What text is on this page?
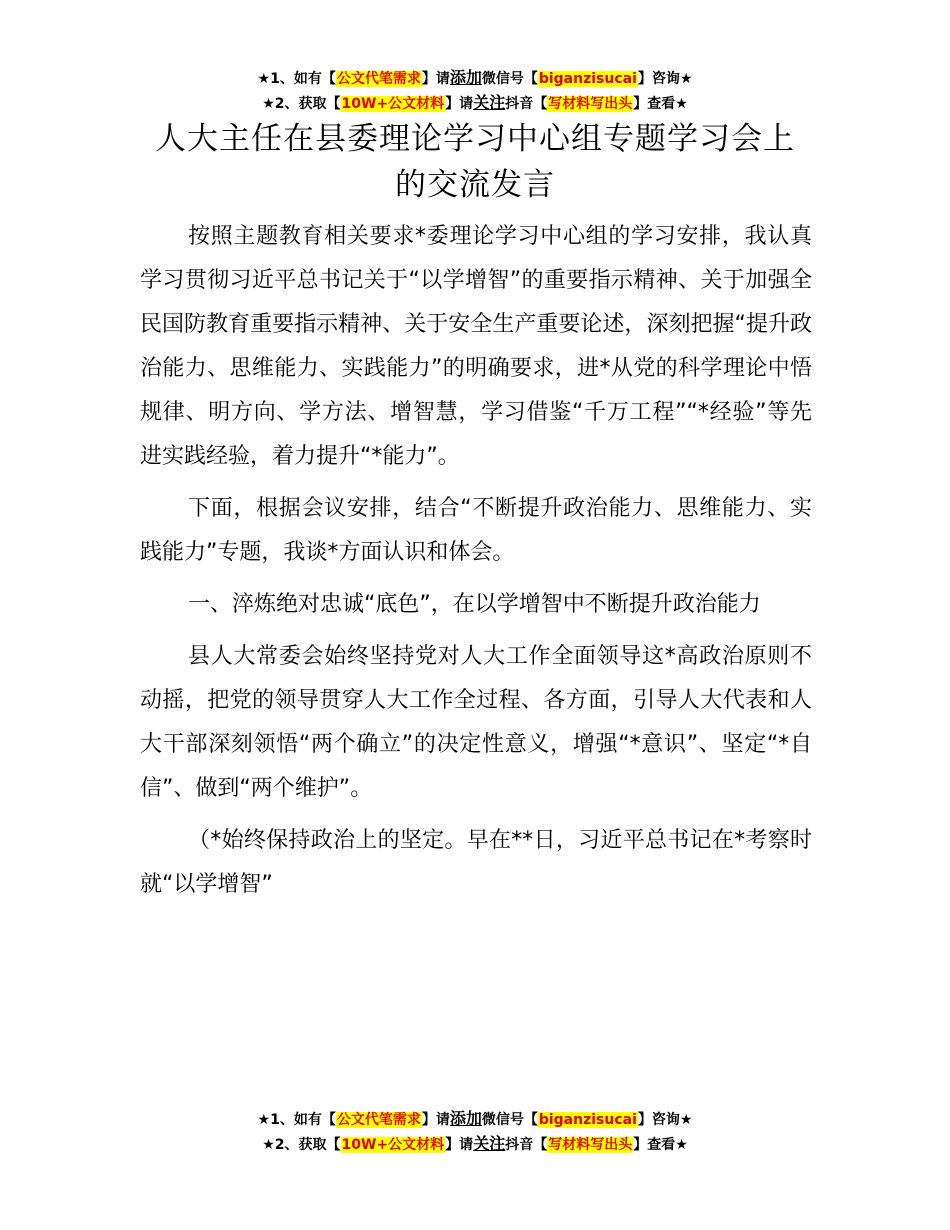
★1、如有【公文代笔需求】请添加微信号【biganzisucai】咨询★
★2、获取【10W+公文材料】请关注抖音【写材料写出头】查看★
人大主任在县委理论学习中心组专题学习会上的交流发言

按照主题教育相关要求*委理论学习中心组的学习安排，我认真学习贯彻习近平总书记关于“以学增智”的重要指示精神、关于加强全民国防教育重要指示精神、关于安全生产重要论述，深刻把握“提升政治能力、思维能力、实践能力”的明确要求，进*从党的科学理论中悟规律、明方向、学方法、增智慧，学习借鉴“千万工程”“*经验”等先进实践经验，着力提升“*能力”。

下面，根据会议安排，结合“不断提升政治能力、思维能力、实践能力”专题，我谈*方面认识和体会。

一、淬炼绝对忠诚“底色”，在以学增智中不断提升政治能力

县人大常委会始终坚持党对人大工作全面领导这*高政治原则不动摇，把党的领导贯穿人大工作全过程、各方面，引导人大代表和人大干部深刻领悟“两个确立”的决定性意义，增强“*意识”、坚定“*自信”、做到“两个维护”。

（*始终保持政治上的坚定。早在**日，习近平总书记在*考察时就“以学增智”

★1、如有【公文代笔需求】请添加微信号【biganzisucai】咨询★
★2、获取【10W+公文材料】请关注抖音【写材料写出头】查看★
